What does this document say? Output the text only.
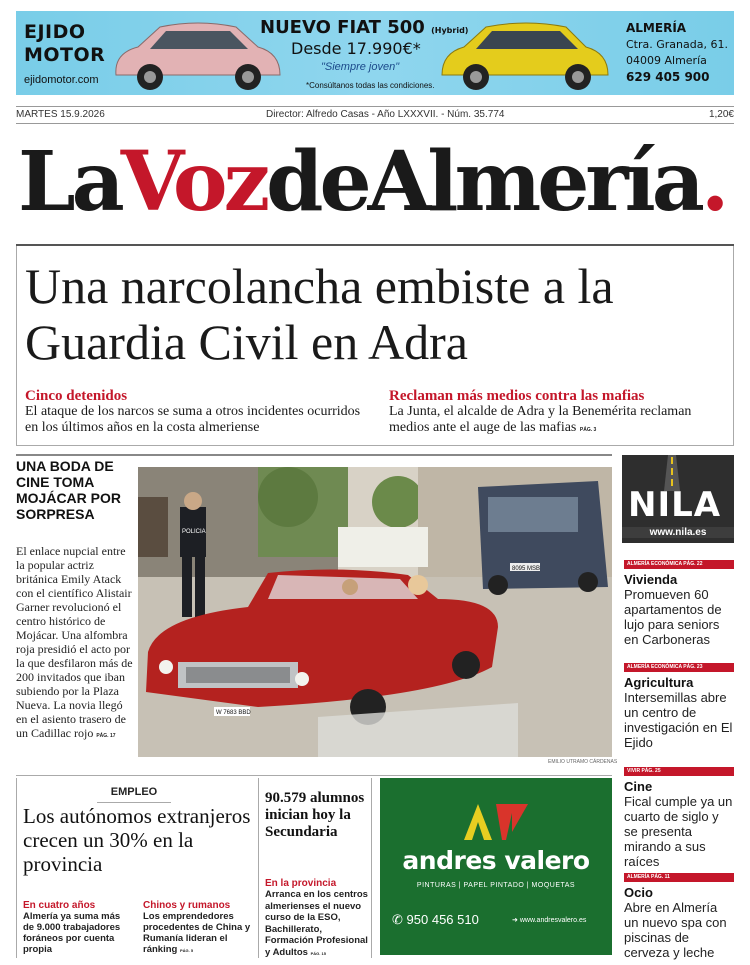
EJIDO
MOTOR
ejidomotor.com
NUEVO FIAT 500 (Hybrid)
Desde 17.990€*
"Siempre joven"
*Consúltanos todas las condiciones.
ALMERÍA
Ctra. Granada, 61.
04009 Almería
629 405 900
MARTES 15.9.2026	Director: Alfredo Casas - Año LXXXVII. - Núm. 35.774	1,20€
LaVozdeAlmería.
Una narcolancha embiste a la Guardia Civil en Adra
Cinco detenidos
El ataque de los narcos se suma a otros incidentes ocurridos en los últimos años en la costa almeriense
Reclaman más medios contra las mafias
La Junta, el alcalde de Adra y la Benemérita reclaman medios ante el auge de las mafias PÁG. 3
UNA BODA DE CINE TOMA MOJÁCAR POR SORPRESA
El enlace nupcial entre la popular actriz británica Emily Atack con el científico Alistair Garner revolucionó el centro histórico de Mojácar. Una alfombra roja presidió el acto por la que desfilaron más de 200 invitados que iban subiendo por la Plaza Nueva. La novia llegó en el asiento trasero de un Cadillac rojo PÁG. 17
POLICIA
8095 MSB
W 7683 BBD
EMILIO UTRAMO CÁRDENAS
NILA
www.nila.es
ALMERÍA ECONÓMICA PÁG. 22
Vivienda
Promueven 60 apartamentos de lujo para seniors en Carboneras
ALMERÍA ECONÓMICA PÁG. 23
Agricultura
Intersemillas abre un centro de investigación en El Ejido
VIVIR PÁG. 25
Cine
Fical cumple ya un cuarto de siglo y se presenta mirando a sus raíces
ALMERÍA PÁG. 11
Ocio
Abre en Almería un nuevo spa con piscinas de cerveza y leche
EMPLEO
Los autónomos extranjeros crecen un 30% en la provincia
En cuatro años
Almería ya suma más de 9.000 trabajadores foráneos por cuenta propia
Chinos y rumanos
Los emprendedores procedentes de China y Rumanía lideran el ránking PÁG. 5
90.579 alumnos inician hoy la Secundaria
En la provincia
Arranca en los centros almerienses el nuevo curso de la ESO, Bachillerato, Formación Profesional y Adultos PÁG. 15
andres valero
PINTURAS | PAPEL PINTADO | MOQUETAS
✆ 950 456 510	➜ www.andresvalero.es
